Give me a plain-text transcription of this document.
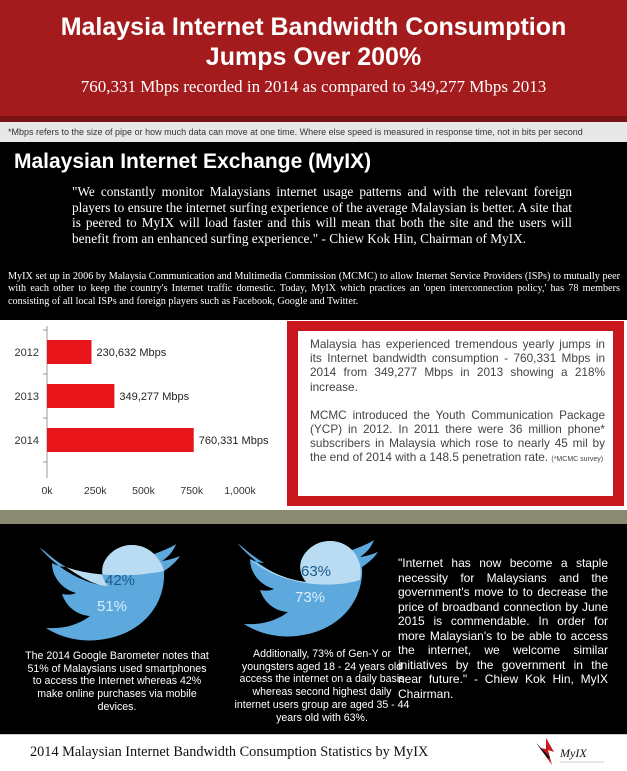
Malaysia Internet Bandwidth Consumption
Jumps Over 200%
760,331 Mbps recorded in 2014 as compared to 349,277 Mbps 2013
*Mbps refers to the size of pipe or how much data can move at one time. Where else speed is measured in response time, not in bits per second
Malaysian Internet Exchange (MyIX)
"We constantly monitor Malaysians internet usage patterns and with the relevant foreign players to ensure the internet surfing experience of the average Malaysian is better. A site that is peered to MyIX will load faster and this will mean that both the site and the users will benefit from an enhanced surfing experience." - Chiew Kok Hin, Chairman of MyIX.
MyIX set up in 2006 by Malaysia Communication and Multimedia Commission (MCMC) to allow Internet Service Providers (ISPs) to mutually peer with each other to keep the country's Internet traffic domestic. Today, MyIX which practices an 'open interconnection policy,' has 78 members consisting of all local ISPs and foreign players such as Facebook, Google and Twitter.
2012	230,632 Mbps
2013	349,277 Mbps
2014	760,331 Mbps
0k	250k 500k 750k 1,000k

Malaysia has experienced tremendous yearly jumps in its Internet bandwidth consumption - 760,331 Mbps in 2014 from 349,277 Mbps in 2013 showing a 218% increase.

MCMC introduced the Youth Communication Package (YCP) in 2012. In 2011 there were 36 million phone* subscribers in Malaysia which rose to nearly 45 mil by the end of 2014 with a 148.5 penetration rate. (*MCMC survey)

42%
51%
The 2014 Google Barometer notes that 51% of Malaysians used smartphones to access the Internet whereas 42% make online purchases via mobile devices.
63%
73%
Additionally, 73% of Gen-Y or youngsters aged 18 - 24 years old access the internet on a daily basis whereas second highest daily internet users group are aged 35 - 44 years old with 63%.
"Internet has now become a staple necessity for Malaysians and the government's move to to decrease the price of broadband connection by June 2015 is commendable. In order for more Malaysian's to be able to access the internet, we welcome similar initiatives by the government in the near future." - Chiew Kok Hin, MyIX Chairman.
2014 Malaysian Internet Bandwidth Consumption Statistics by MyIX	MyIX
